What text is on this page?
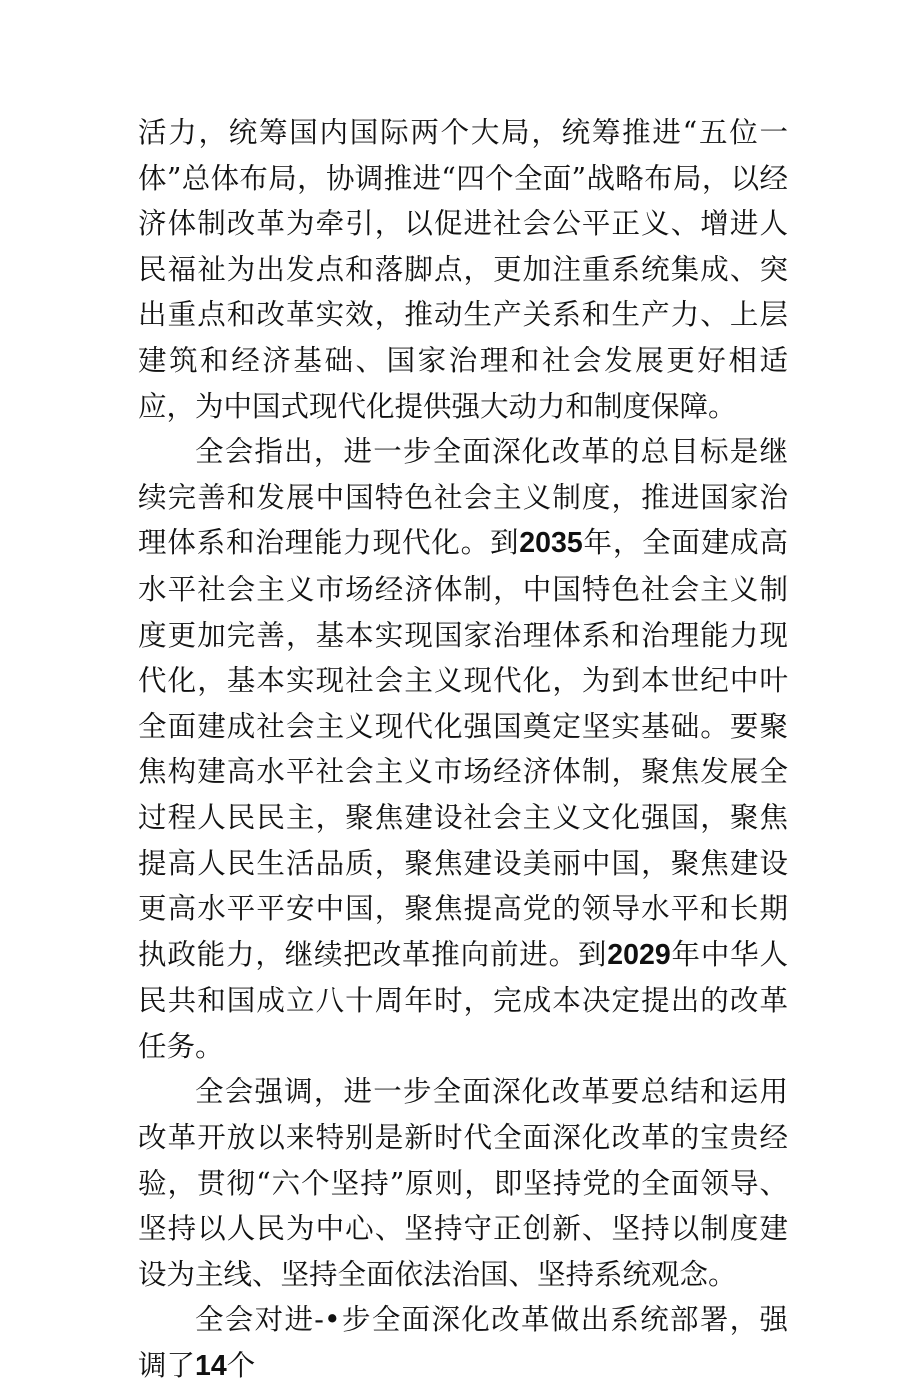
活力，统筹国内国际两个大局，统筹推进“五位一体”总体布局，协调推进“四个全面”战略布局，以经济体制改革为牵引，以促进社会公平正义、增进人民福祉为出发点和落脚点，更加注重系统集成、突出重点和改革实效，推动生产关系和生产力、上层建筑和经济基础、国家治理和社会发展更好相适应，为中国式现代化提供强大动力和制度保障。

全会指出，进一步全面深化改革的总目标是继续完善和发展中国特色社会主义制度，推进国家治理体系和治理能力现代化。到2035年，全面建成高水平社会主义市场经济体制，中国特色社会主义制度更加完善，基本实现国家治理体系和治理能力现代化，基本实现社会主义现代化，为到本世纪中叶全面建成社会主义现代化强国奠定坚实基础。要聚焦构建高水平社会主义市场经济体制，聚焦发展全过程人民民主，聚焦建设社会主义文化强国，聚焦提高人民生活品质，聚焦建设美丽中国，聚焦建设更高水平平安中国，聚焦提高党的领导水平和长期执政能力，继续把改革推向前进。到2029年中华人民共和国成立八十周年时，完成本决定提出的改革任务。

全会强调，进一步全面深化改革要总结和运用改革开放以来特别是新时代全面深化改革的宝贵经验，贯彻“六个坚持”原则，即坚持党的全面领导、坚持以人民为中心、坚持守正创新、坚持以制度建设为主线、坚持全面依法治国、坚持系统观念。

全会对进-•步全面深化改革做出系统部署，强调了14个
